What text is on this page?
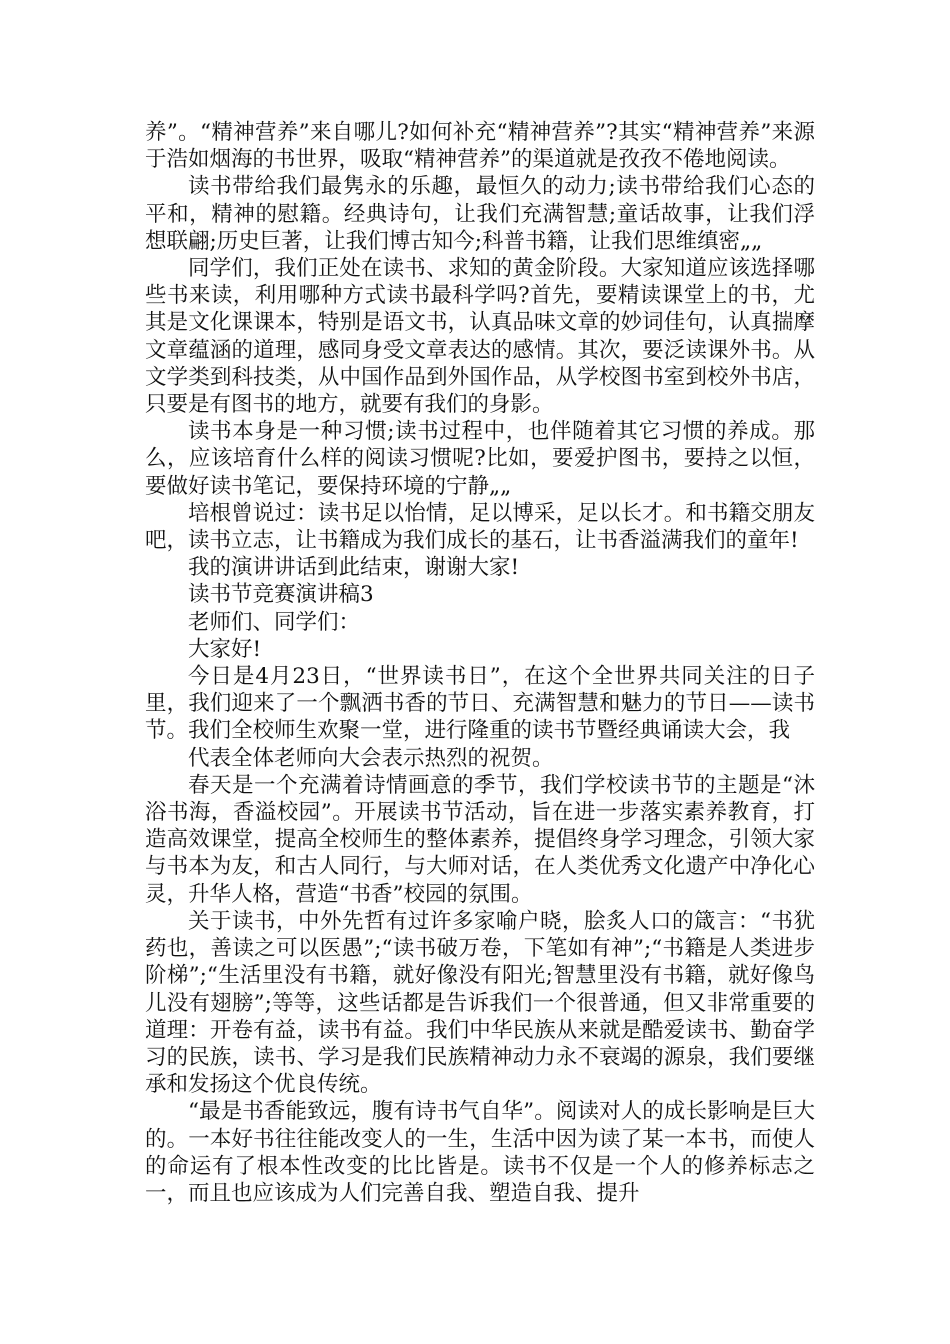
养”。“精神营养”来自哪儿?如何补充“精神营养”?其实“精神营养”来源于浩如烟海的书世界，吸取“精神营养”的渠道就是孜孜不倦地阅读。

读书带给我们最隽永的乐趣，最恒久的动力;读书带给我们心态的平和，精神的慰籍。经典诗句，让我们充满智慧;童话故事，让我们浮想联翩;历史巨著，让我们博古知今;科普书籍，让我们思维缜密„„

同学们，我们正处在读书、求知的黄金阶段。大家知道应该选择哪些书来读，利用哪种方式读书最科学吗?首先，要精读课堂上的书，尤其是文化课课本，特别是语文书，认真品味文章的妙词佳句，认真揣摩文章蕴涵的道理，感同身受文章表达的感情。其次，要泛读课外书。从文学类到科技类，从中国作品到外国作品，从学校图书室到校外书店，只要是有图书的地方，就要有我们的身影。

读书本身是一种习惯;读书过程中，也伴随着其它习惯的养成。那么，应该培育什么样的阅读习惯呢?比如，要爱护图书，要持之以恒，要做好读书笔记，要保持环境的宁静„„

培根曾说过：读书足以怡情，足以博采，足以长才。和书籍交朋友吧，读书立志，让书籍成为我们成长的基石，让书香溢满我们的童年!

我的演讲讲话到此结束，谢谢大家!

读书节竞赛演讲稿3

老师们、同学们：

大家好!

今日是4月23日，“世界读书日”，在这个全世界共同关注的日子里，我们迎来了一个飘洒书香的节日、充满智慧和魅力的节日——读书节。我们全校师生欢聚一堂，进行隆重的读书节暨经典诵读大会，我

代表全体老师向大会表示热烈的祝贺。

春天是一个充满着诗情画意的季节，我们学校读书节的主题是“沐浴书海，香溢校园”。开展读书节活动，旨在进一步落实素养教育，打造高效课堂，提高全校师生的整体素养，提倡终身学习理念，引领大家与书本为友，和古人同行，与大师对话，在人类优秀文化遗产中净化心灵，升华人格，营造“书香”校园的氛围。

关于读书，中外先哲有过许多家喻户晓，脍炙人口的箴言：“书犹药也，善读之可以医愚”;“读书破万卷，下笔如有神”;“书籍是人类进步阶梯”;“生活里没有书籍，就好像没有阳光;智慧里没有书籍，就好像鸟儿没有翅膀”;等等，这些话都是告诉我们一个很普通，但又非常重要的道理：开卷有益，读书有益。我们中华民族从来就是酷爱读书、勤奋学习的民族，读书、学习是我们民族精神动力永不衰竭的源泉，我们要继承和发扬这个优良传统。

“最是书香能致远，腹有诗书气自华”。阅读对人的成长影响是巨大的。一本好书往往能改变人的一生，生活中因为读了某一本书，而使人的命运有了根本性改变的比比皆是。读书不仅是一个人的修养标志之一，而且也应该成为人们完善自我、塑造自我、提升
